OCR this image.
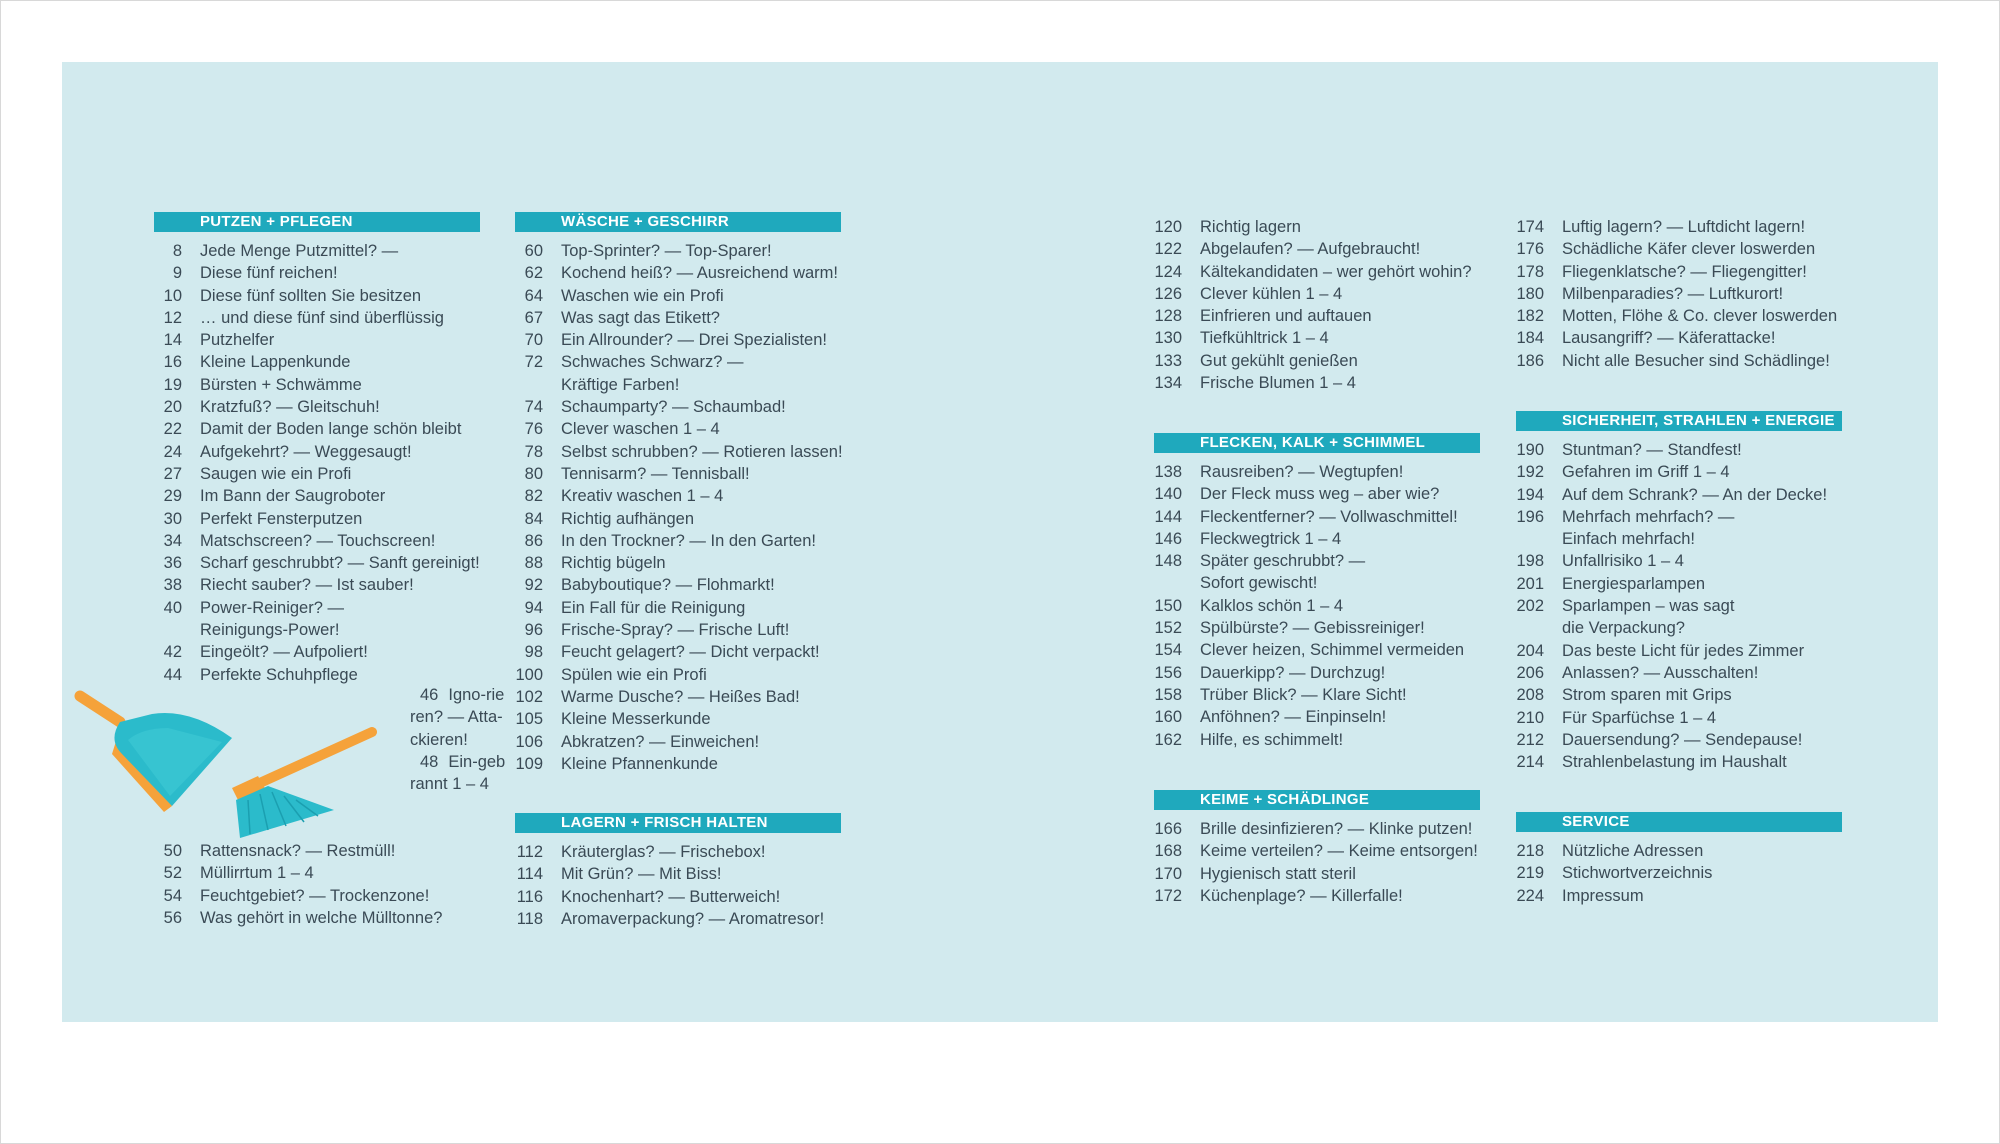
PUTZEN + PFLEGEN
8	Jede Menge Putzmittel? —
9	Diese fünf reichen!
10	Diese fünf sollten Sie besitzen
12	… und diese fünf sind überflüssig
14	Putzhelfer
16	Kleine Lappenkunde
19	Bürsten + Schwämme
20	Kratzfuß? — Gleitschuh!
22	Damit der Boden lange schön bleibt
24	Aufgekehrt? — Weggesaugt!
27	Saugen wie ein Profi
29	Im Bann der Saugroboter
30	Perfekt Fensterputzen
34	Matschscreen? — Touchscreen!
36	Scharf geschrubbt? — Sanft gereinigt!
38	Riecht sauber? — Ist sauber!
40	Power-Reiniger? —
Reinigungs-Power!
42	Eingeölt? — Aufpoliert!
44	Perfekte Schuhpflege
46 Igno-rieren? — Atta-ckieren!
48 Ein-gebrannt 1 – 4
50	Rattensnack? — Restmüll!
52	Müllirrtum 1 – 4
54	Feuchtgebiet? — Trockenzone!
56	Was gehört in welche Mülltonne?
WÄSCHE + GESCHIRR
60	Top-Sprinter? — Top-Sparer!
62	Kochend heiß? — Ausreichend warm!
64	Waschen wie ein Profi
67	Was sagt das Etikett?
70	Ein Allrounder? — Drei Spezialisten!
72	Schwaches Schwarz? —
Kräftige Farben!
74	Schaumparty? — Schaumbad!
76	Clever waschen 1 – 4
78	Selbst schrubben? — Rotieren lassen!
80	Tennisarm? — Tennisball!
82	Kreativ waschen 1 – 4
84	Richtig aufhängen
86	In den Trockner? — In den Garten!
88	Richtig bügeln
92	Babyboutique? — Flohmarkt!
94	Ein Fall für die Reinigung
96	Frische-Spray? — Frische Luft!
98	Feucht gelagert? — Dicht verpackt!
100	Spülen wie ein Profi
102	Warme Dusche? — Heißes Bad!
105	Kleine Messerkunde
106	Abkratzen? — Einweichen!
109	Kleine Pfannenkunde
LAGERN + FRISCH HALTEN
112	Kräuterglas? — Frischebox!
114	Mit Grün? — Mit Biss!
116	Knochenhart? — Butterweich!
118	Aromaverpackung? — Aromatresor!
120	Richtig lagern
122	Abgelaufen? — Aufgebraucht!
124	Kältekandidaten – wer gehört wohin?
126	Clever kühlen 1 – 4
128	Einfrieren und auftauen
130	Tiefkühltrick 1 – 4
133	Gut gekühlt genießen
134	Frische Blumen 1 – 4
FLECKEN, KALK + SCHIMMEL
138	Rausreiben? — Wegtupfen!
140	Der Fleck muss weg – aber wie?
144	Fleckentferner? — Vollwaschmittel!
146	Fleckwegtrick 1 – 4
148	Später geschrubbt? —
Sofort gewischt!
150	Kalklos schön 1 – 4
152	Spülbürste? — Gebissreiniger!
154	Clever heizen, Schimmel vermeiden
156	Dauerkipp? — Durchzug!
158	Trüber Blick? — Klare Sicht!
160	Anföhnen? — Einpinseln!
162	Hilfe, es schimmelt!
KEIME + SCHÄDLINGE
166	Brille desinfizieren? — Klinke putzen!
168	Keime verteilen? — Keime entsorgen!
170	Hygienisch statt steril
172	Küchenplage? — Killerfalle!
174	Luftig lagern? — Luftdicht lagern!
176	Schädliche Käfer clever loswerden
178	Fliegenklatsche? — Fliegengitter!
180	Milbenparadies? — Luftkurort!
182	Motten, Flöhe & Co. clever loswerden
184	Lausangriff? — Käferattacke!
186	Nicht alle Besucher sind Schädlinge!
SICHERHEIT, STRAHLEN + ENERGIE
190	Stuntman? — Standfest!
192	Gefahren im Griff 1 – 4
194	Auf dem Schrank? — An der Decke!
196	Mehrfach mehrfach? —
Einfach mehrfach!
198	Unfallrisiko 1 – 4
201	Energiesparlampen
202	Sparlampen – was sagt
die Verpackung?
204	Das beste Licht für jedes Zimmer
206	Anlassen? — Ausschalten!
208	Strom sparen mit Grips
210	Für Sparfüchse 1 – 4
212	Dauersendung? — Sendepause!
214	Strahlenbelastung im Haushalt
SERVICE
218	Nützliche Adressen
219	Stichwortverzeichnis
224	Impressum
